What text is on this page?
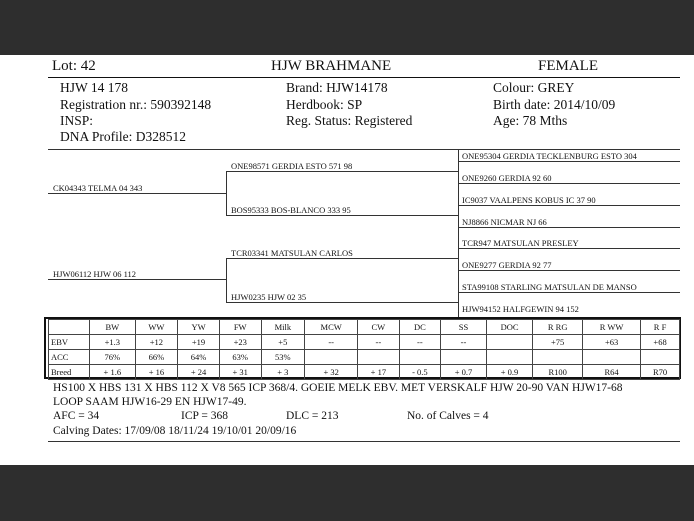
Lot: 42	HJW BRAHMANE	FEMALE
HJW 14 178
Registration nr.: 590392148
INSP:
DNA Profile: D328512
Brand: HJW14178
Herdbook: SP
Reg. Status: Registered
Colour: GREY
Birth date: 2014/10/09
Age: 78 Mths
CK04343 TELMA 04 343
HJW06112 HJW 06 112
ONE98571 GERDIA ESTO 571 98
BOS95333 BOS-BLANCO 333 95
TCR03341 MATSULAN CARLOS
HJW0235 HJW 02 35
ONE95304 GERDIA TECKLENBURG ESTO 304
ONE9260 GERDIA 92 60
IC9037 VAALPENS KOBUS IC 37 90
NJ8866 NICMAR NJ 66
TCR947 MATSULAN PRESLEY
ONE9277 GERDIA 92 77
STA99108 STARLING MATSULAN DE MANSO
HJW94152 HALFGEWIN 94 152
	BW	WW	YW	FW	Milk	MCW	CW	DC	SS	DOC	R RG	R WW	R F
EBV	+1.3	+12	+19	+23	+5	--	--	--	--		+75	+63	+68
ACC	76%	66%	64%	63%	53%								
Breed	+ 1.6	+ 16	+ 24	+ 31	+ 3	+ 32	+ 17	- 0.5	+ 0.7	+ 0.9	R100	R64	R70
HS100 X HBS 131 X HBS 112 X V8 565 ICP 368/4. GOEIE MELK EBV. MET VERSKALF HJW 20-90 VAN HJW17-68
LOOP SAAM HJW16-29 EN HJW17-49.
AFC = 34	ICP = 368	DLC = 213	No. of Calves = 4
Calving Dates: 17/09/08 18/11/24 19/10/01 20/09/16
